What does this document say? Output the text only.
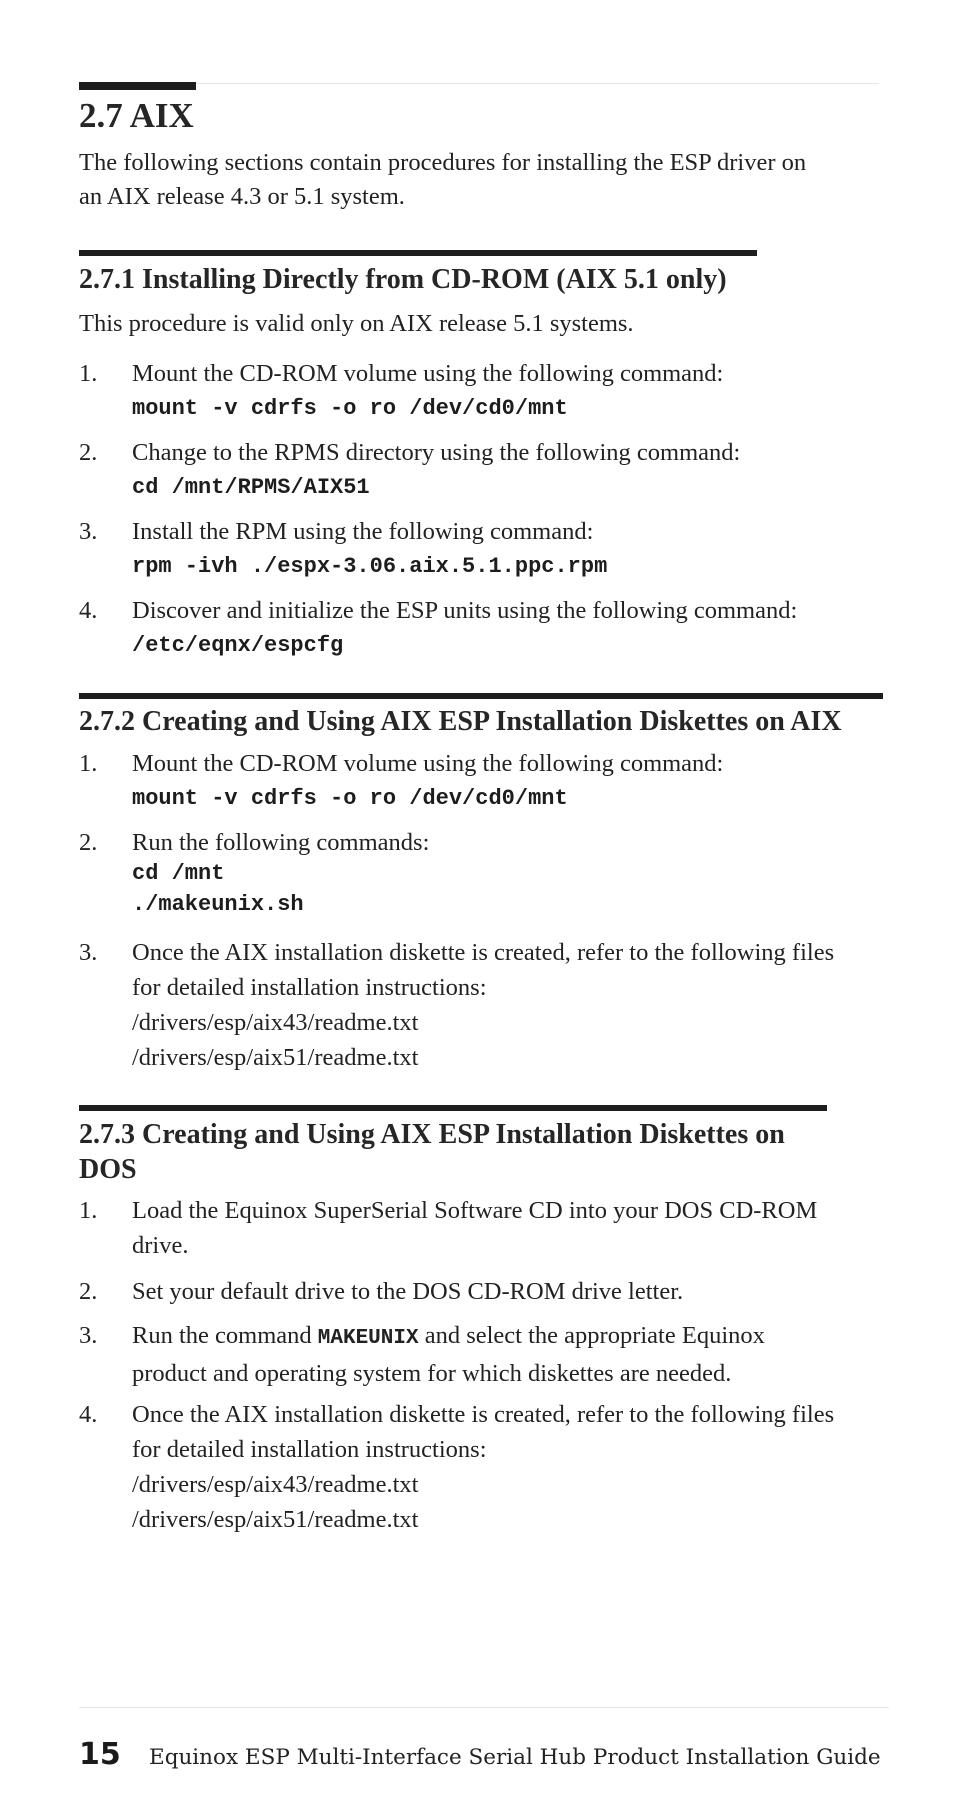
2.7 AIX

The following sections contain procedures for installing the ESP driver on
an AIX release 4.3 or 5.1 system.

2.7.1 Installing Directly from CD-ROM (AIX 5.1 only)

This procedure is valid only on AIX release 5.1 systems.

1. Mount the CD-ROM volume using the following command:
mount -v cdrfs -o ro /dev/cd0/mnt
2. Change to the RPMS directory using the following command:
cd /mnt/RPMS/AIX51
3. Install the RPM using the following command:
rpm -ivh ./espx-3.06.aix.5.1.ppc.rpm
4. Discover and initialize the ESP units using the following command:
/etc/eqnx/espcfg
2.7.2 Creating and Using AIX ESP Installation Diskettes on AIX
1. Mount the CD-ROM volume using the following command:
mount -v cdrfs -o ro /dev/cd0/mnt
2. Run the following commands:
cd /mnt
./makeunix.sh
3. Once the AIX installation diskette is created, refer to the following files
for detailed installation instructions:
/drivers/esp/aix43/readme.txt
/drivers/esp/aix51/readme.txt
2.7.3 Creating and Using AIX ESP Installation Diskettes on
DOS
1. Load the Equinox SuperSerial Software CD into your DOS CD-ROM
drive.
2. Set your default drive to the DOS CD-ROM drive letter.
3. Run the command MAKEUNIX and select the appropriate Equinox
product and operating system for which diskettes are needed.
4. Once the AIX installation diskette is created, refer to the following files
for detailed installation instructions:
/drivers/esp/aix43/readme.txt
/drivers/esp/aix51/readme.txt
15 Equinox ESP Multi-Interface Serial Hub Product Installation Guide
